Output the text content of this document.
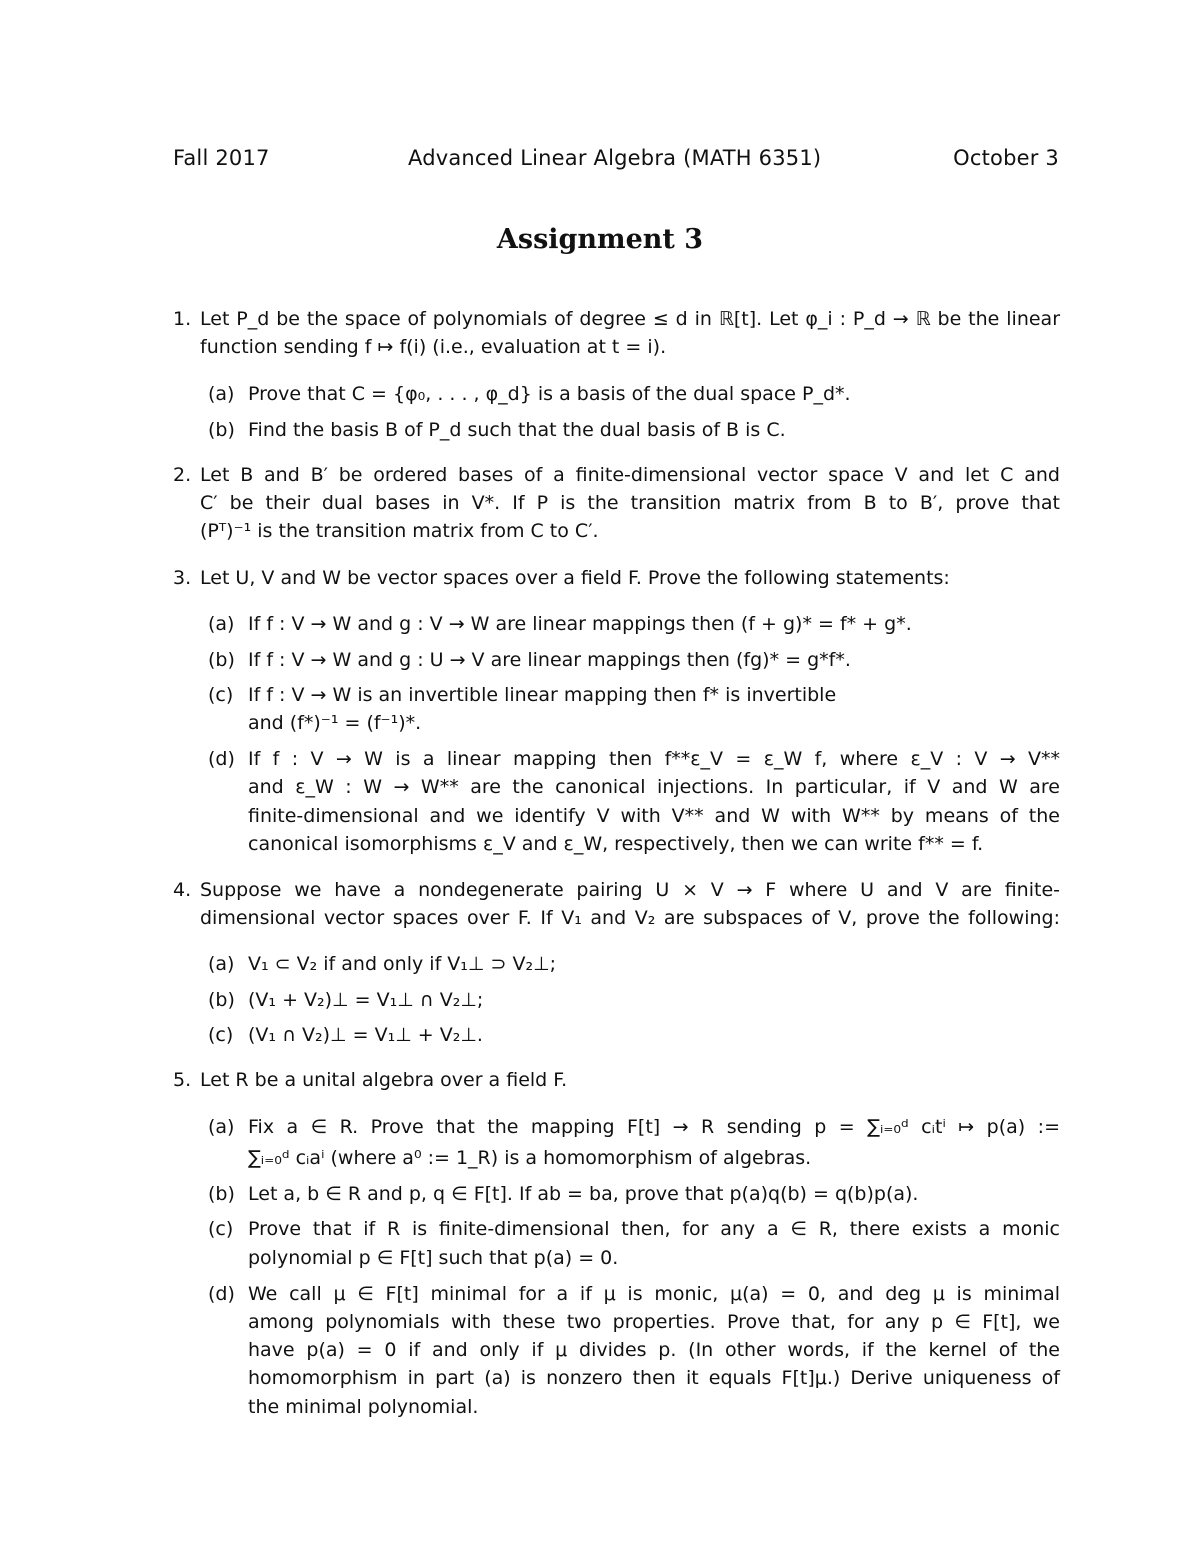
Fall 2017	Advanced Linear Algebra (MATH 6351)	October 3
Assignment 3
1. Let P_d be the space of polynomials of degree ≤ d in ℝ[t]. Let φ_i : P_d → ℝ be the linear
function sending f ↦ f(i) (i.e., evaluation at t = i).
(a) Prove that C = {φ₀, . . . , φ_d} is a basis of the dual space P_d*.
(b) Find the basis B of P_d such that the dual basis of B is C.
2. Let B and B′ be ordered bases of a finite-dimensional vector space V and let C and
C′ be their dual bases in V*. If P is the transition matrix from B to B′, prove that
(Pᵀ)⁻¹ is the transition matrix from C to C′.
3. Let U, V and W be vector spaces over a field F. Prove the following statements:
(a) If f : V → W and g : V → W are linear mappings then (f + g)* = f* + g*.
(b) If f : V → W and g : U → V are linear mappings then (fg)* = g*f*.
(c) If f : V → W is an invertible linear mapping then f* is invertible
and (f*)⁻¹ = (f⁻¹)*.
(d) If f : V → W is a linear mapping then f**ε_V = ε_W f, where ε_V : V → V**
and ε_W : W → W** are the canonical injections. In particular, if V and W are
finite-dimensional and we identify V with V** and W with W** by means of the
canonical isomorphisms ε_V and ε_W, respectively, then we can write f** = f.
4. Suppose we have a nondegenerate pairing U × V → F where U and V are finite-
dimensional vector spaces over F. If V₁ and V₂ are subspaces of V, prove the following:
(a) V₁ ⊂ V₂ if and only if V₁⊥ ⊃ V₂⊥;
(b) (V₁ + V₂)⊥ = V₁⊥ ∩ V₂⊥;
(c) (V₁ ∩ V₂)⊥ = V₁⊥ + V₂⊥.
5. Let R be a unital algebra over a field F.
(a) Fix a ∈ R. Prove that the mapping F[t] → R sending p = ∑ᵢ₌₀ᵈ cᵢtⁱ ↦ p(a) :=
∑ᵢ₌₀ᵈ cᵢaⁱ (where a⁰ := 1_R) is a homomorphism of algebras.
(b) Let a, b ∈ R and p, q ∈ F[t]. If ab = ba, prove that p(a)q(b) = q(b)p(a).
(c) Prove that if R is finite-dimensional then, for any a ∈ R, there exists a monic
polynomial p ∈ F[t] such that p(a) = 0.
(d) We call μ ∈ F[t] minimal for a if μ is monic, μ(a) = 0, and deg μ is minimal
among polynomials with these two properties. Prove that, for any p ∈ F[t], we
have p(a) = 0 if and only if μ divides p. (In other words, if the kernel of the
homomorphism in part (a) is nonzero then it equals F[t]μ.) Derive uniqueness of
the minimal polynomial.
